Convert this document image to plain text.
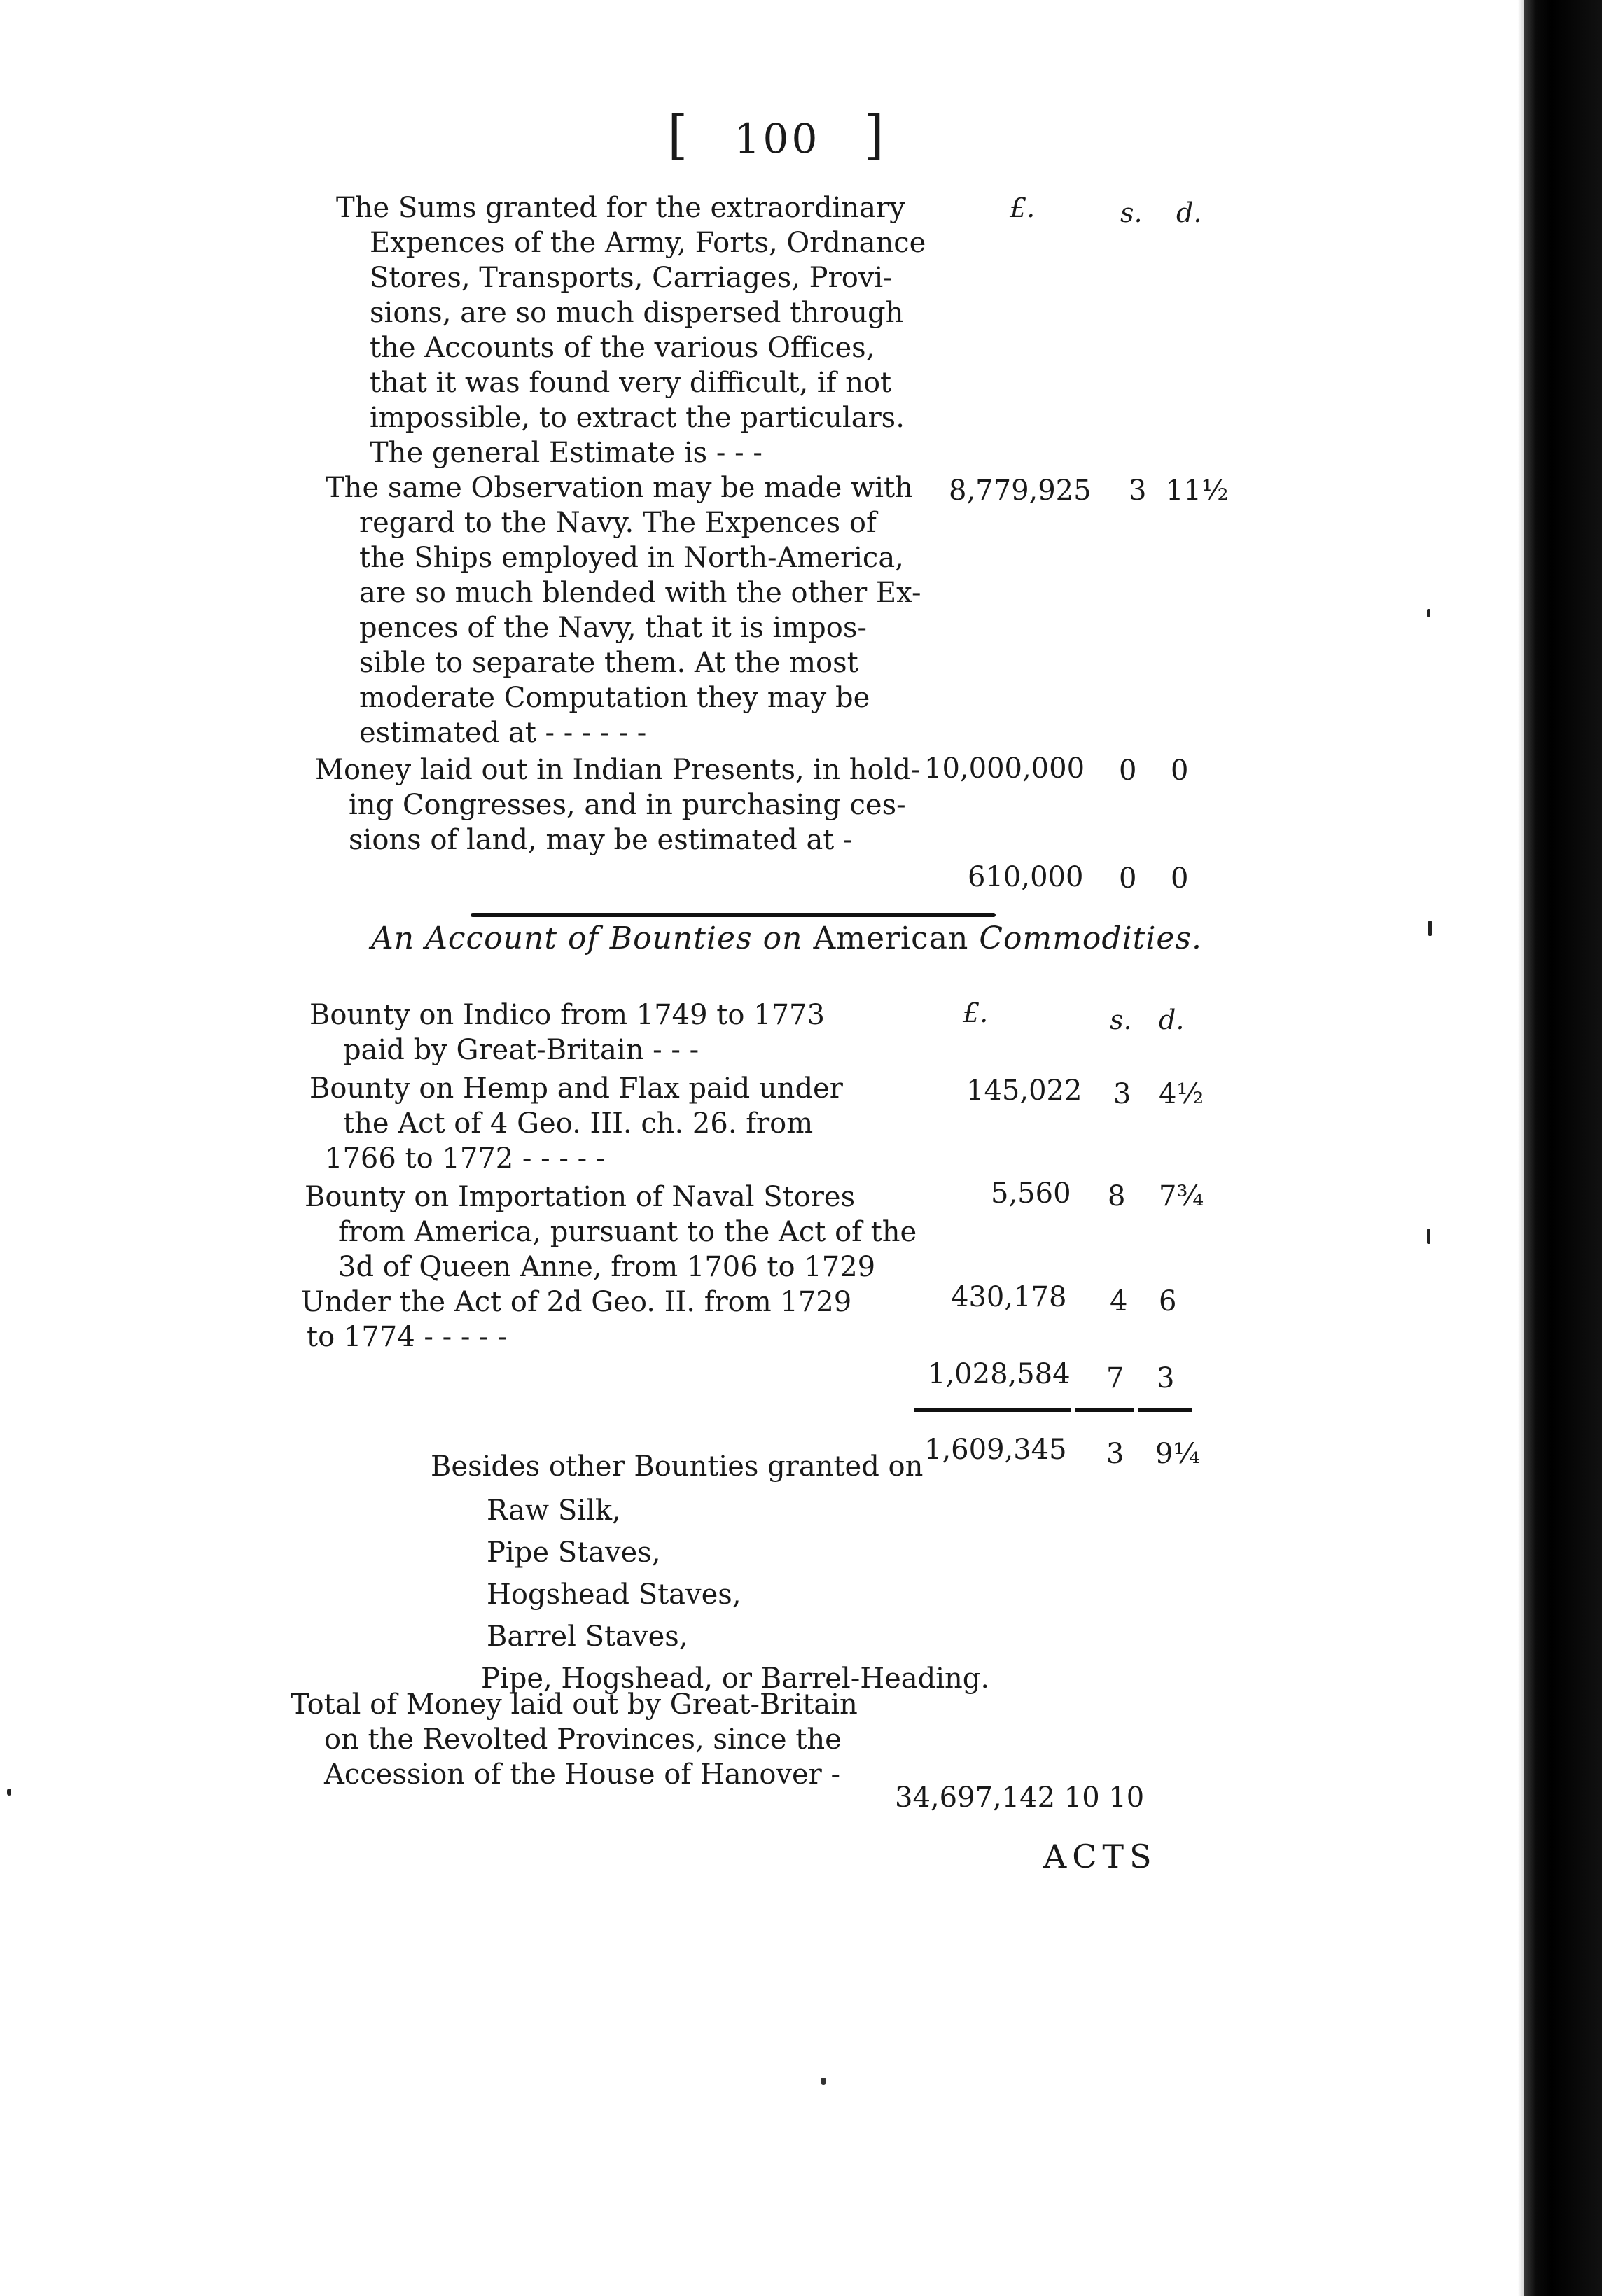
[ 100 ]
£.	s. d.
The Sums granted for the extraordinary
Expences of the Army, Forts, Ordnance
Stores, Transports, Carriages, Provi-
sions, are so much dispersed through
the Accounts of the various Offices,
that it was found very difficult, if not
impossible, to extract the particulars.
The general Estimate is - - -
8,779,925 3 11½
The same Observation may be made with
regard to the Navy. The Expences of
the Ships employed in North-America,
are so much blended with the other Ex-
pences of the Navy, that it is impos-
sible to separate them. At the most
moderate Computation they may be
estimated at - - - - - -
10,000,000 0 0
Money laid out in Indian Presents, in hold-
ing Congresses, and in purchasing ces-
sions of land, may be estimated at -
610,000 0 0
An Account of Bounties on American Commodities.
£.	s. d.
Bounty on Indico from 1749 to 1773
paid by Great-Britain - - -
145,022 3 4½
Bounty on Hemp and Flax paid under
the Act of 4 Geo. III. ch. 26. from
1766 to 1772 - - - - -
5,560 8 7¾
Bounty on Importation of Naval Stores
from America, pursuant to the Act of the
3d of Queen Anne, from 1706 to 1729
430,178 4 6
Under the Act of 2d Geo. II. from 1729
to 1774 - - - - -
1,028,584 7 3
1,609,345 3 9¼
Besides other Bounties granted on
Raw Silk,
Pipe Staves,
Hogshead Staves,
Barrel Staves,
Pipe, Hogshead, or Barrel-Heading.
Total of Money laid out by Great-Britain
on the Revolted Provinces, since the
Accession of the House of Hanover -
34,697,142 10 10
ACTS
